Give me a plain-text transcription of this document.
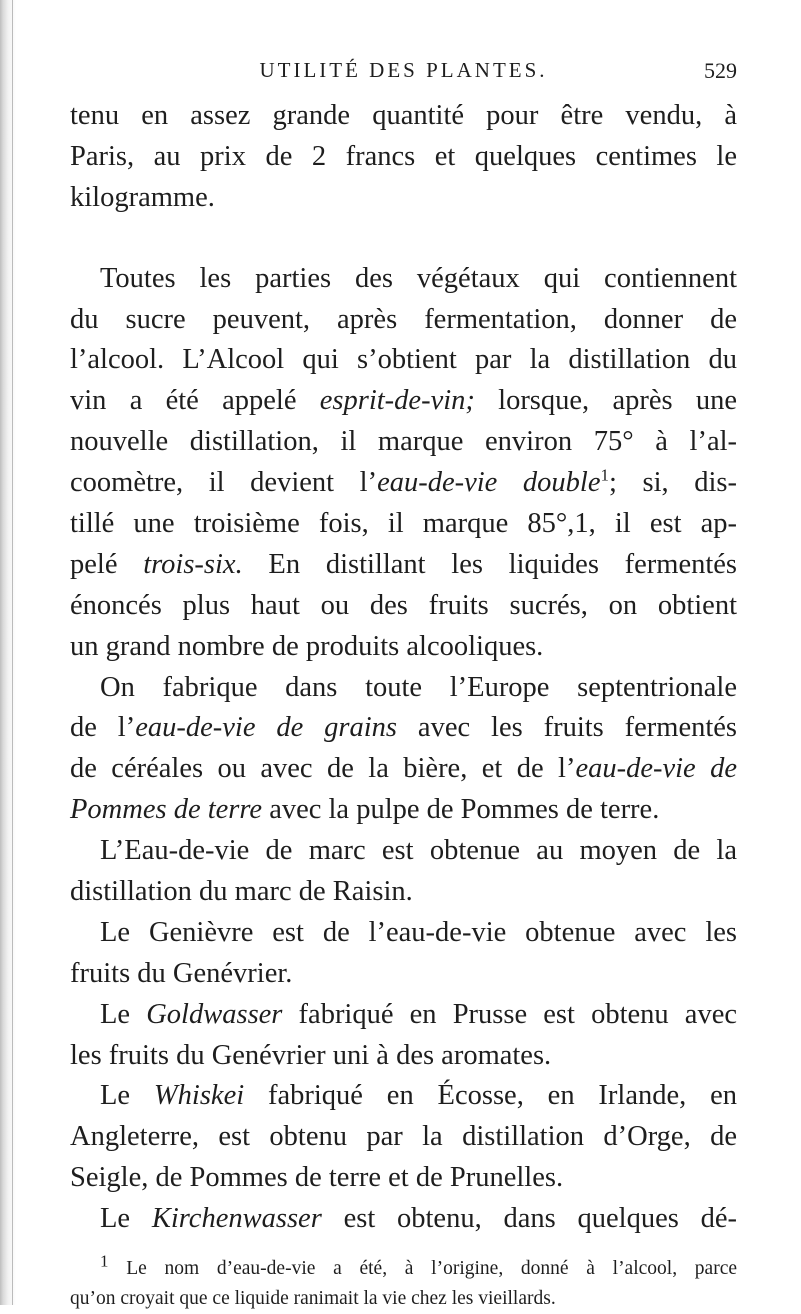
UTILITÉ DES PLANTES.	529
tenu en assez grande quantité pour être vendu, à
Paris, au prix de 2 francs et quelques centimes le
kilogramme.
Toutes les parties des végétaux qui contiennent
du sucre peuvent, après fermentation, donner de
l’alcool. L’Alcool qui s’obtient par la distillation du
vin a été appelé esprit-de-vin; lorsque, après une
nouvelle distillation, il marque environ 75° à l’al-
coomètre, il devient l’eau-de-vie double$^1$; si, dis-
tillé une troisième fois, il marque 85°,1, il est ap-
pelé trois-six. En distillant les liquides fermentés
énoncés plus haut ou des fruits sucrés, on obtient
un grand nombre de produits alcooliques.
On fabrique dans toute l’Europe septentrionale
de l’eau-de-vie de grains avec les fruits fermentés
de céréales ou avec de la bière, et de l’eau-de-vie de
Pommes de terre avec la pulpe de Pommes de terre.
L’Eau-de-vie de marc est obtenue au moyen de la
distillation du marc de Raisin.
Le Genièvre est de l’eau-de-vie obtenue avec les
fruits du Genévrier.
Le Goldwasser fabriqué en Prusse est obtenu avec
les fruits du Genévrier uni à des aromates.
Le Whiskei fabriqué en Écosse, en Irlande, en
Angleterre, est obtenu par la distillation d’Orge, de
Seigle, de Pommes de terre et de Prunelles.
Le Kirchenwasser est obtenu, dans quelques dé-
1 Le nom d’eau-de-vie a été, à l’origine, donné à l’alcool, parce
qu’on croyait que ce liquide ranimait la vie chez les vieillards.
